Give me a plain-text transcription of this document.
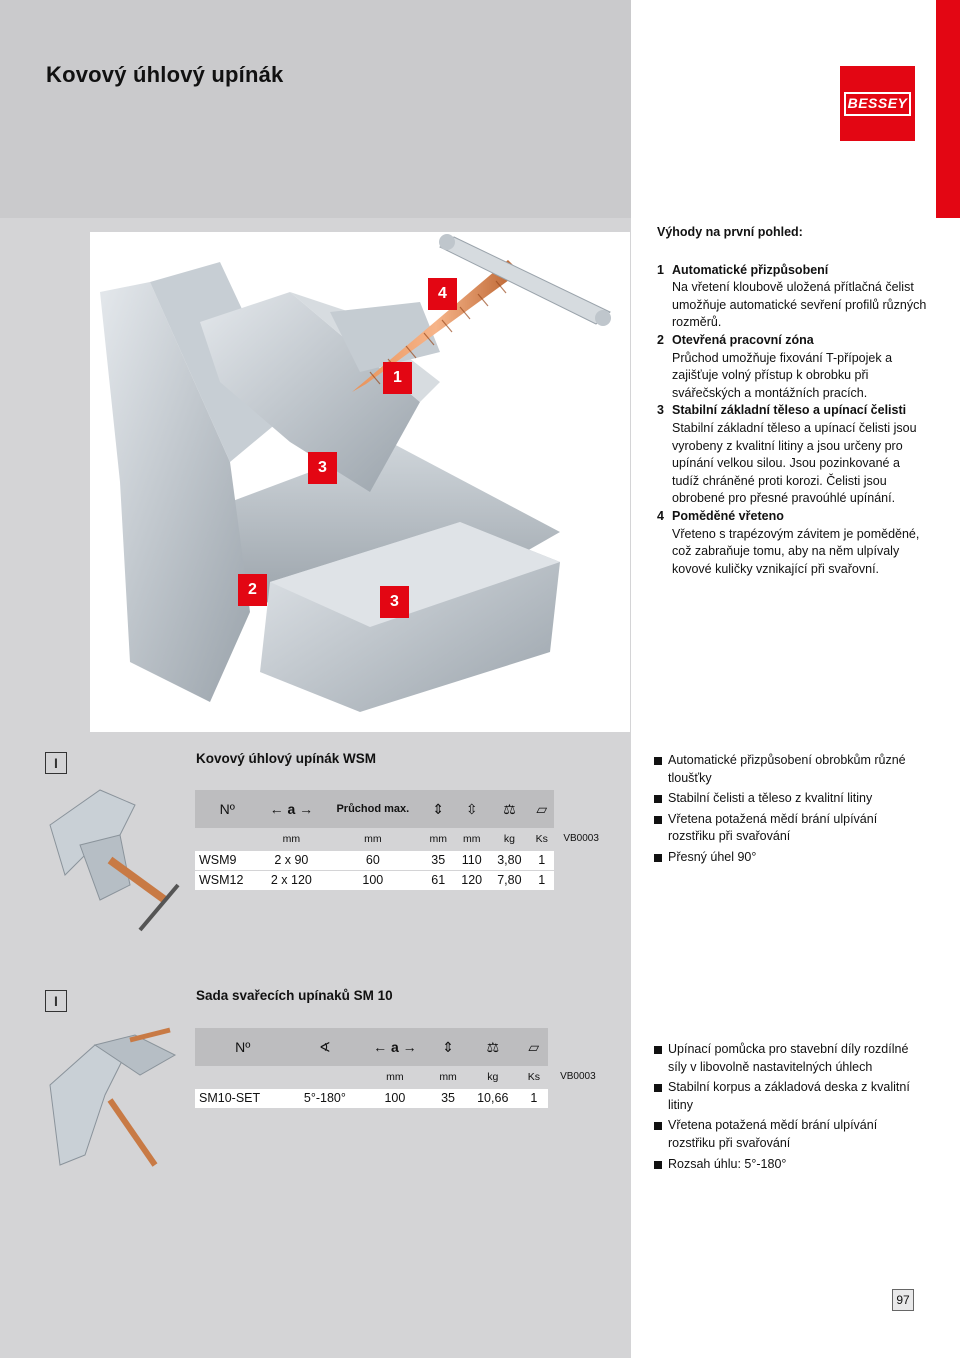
Kovový úhlový upínák
BESSEY
4
1
3
2
3
Výhody na první pohled:
1 Automatické přizpůsobení
Na vřetení kloubově uložená přítlačná čelist umožňuje automatické sevření profilů různých rozměrů.
2 Otevřená pracovní zóna
Průchod umožňuje fixování T-přípojek a zajišťuje volný přístup k obrobku při svářečských a montážních pracích.
3 Stabilní základní těleso a upínací čelisti
Stabilní základní těleso a upínací čelisti jsou vyrobeny z kvalitní litiny a jsou určeny pro upínání velkou silou. Jsou pozinkované a tudíž chráněné proti korozi. Čelisti jsou obrobené pro přesné pravoúhlé upínání.
4 Poměděné vřeteno
Vřeteno s trapézovým závitem je poměděné, což zabraňuje tomu, aby na něm ulpívaly kovové kuličky vznikající při svařovní.
I	Kovový úhlový upínák WSM
Nº	← a →	Průchod max.	⇕	⇳	⚖	▱	
	mm	mm	mm	mm	kg	Ks	VB0003
WSM9	2 x 90	60	35	110	3,80	1	
WSM12	2 x 120	100	61	120	7,80	1	
Automatické přizpůsobení obrobkům různé tloušťky
Stabilní čelisti a těleso z kvalitní litiny
Vřetena potažená mědí brání ulpívání rozstřiku při svařování
Přesný úhel 90°
I	Sada svařecích upínaků SM 10
Nº	∢	← a →	⇕	⚖	▱	
		mm	mm	kg	Ks	VB0003
SM10-SET	5°-180°	100	35	10,66	1	
Upínací pomůcka pro stavební díly rozdílné síly v libovolně nastavitelných úhlech
Stabilní korpus a základová deska z kvalitní litiny
Vřetena potažená mědí brání ulpívání rozstřiku při svařování
Rozsah úhlu: 5°-180°
97
